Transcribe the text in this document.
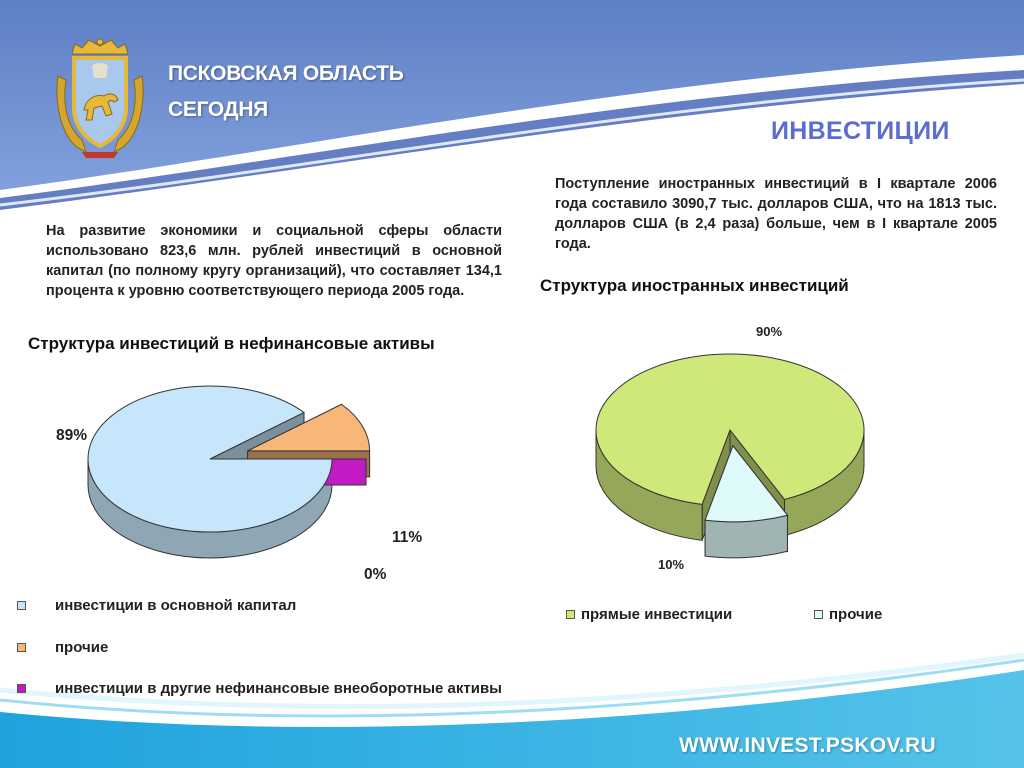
ПСКОВСКАЯ ОБЛАСТЬ

СЕГОДНЯ

ИНВЕСТИЦИИ

На развитие экономики и социальной сферы области использовано 823,6 млн. рублей инвестиций в основной капитал (по полному кругу организаций), что составляет 134,1 процента к уровню соответствующего периода 2005 года.

Поступление иностранных инвестиций в I квартале 2006 года составило 3090,7 тыс. долларов США, что на 1813 тыс. долларов США (в 2,4 раза) больше, чем в I квартале 2005 года.

Структура инвестиций в нефинансовые активы
89%
11%
0%
инвестиции в основной капитал
прочие
инвестиции в другие нефинансовые внеоборотные активы
Структура иностранных инвестиций
90%
10%
прямые инвестиции	прочие
WWW.INVEST.PSKOV.RU
